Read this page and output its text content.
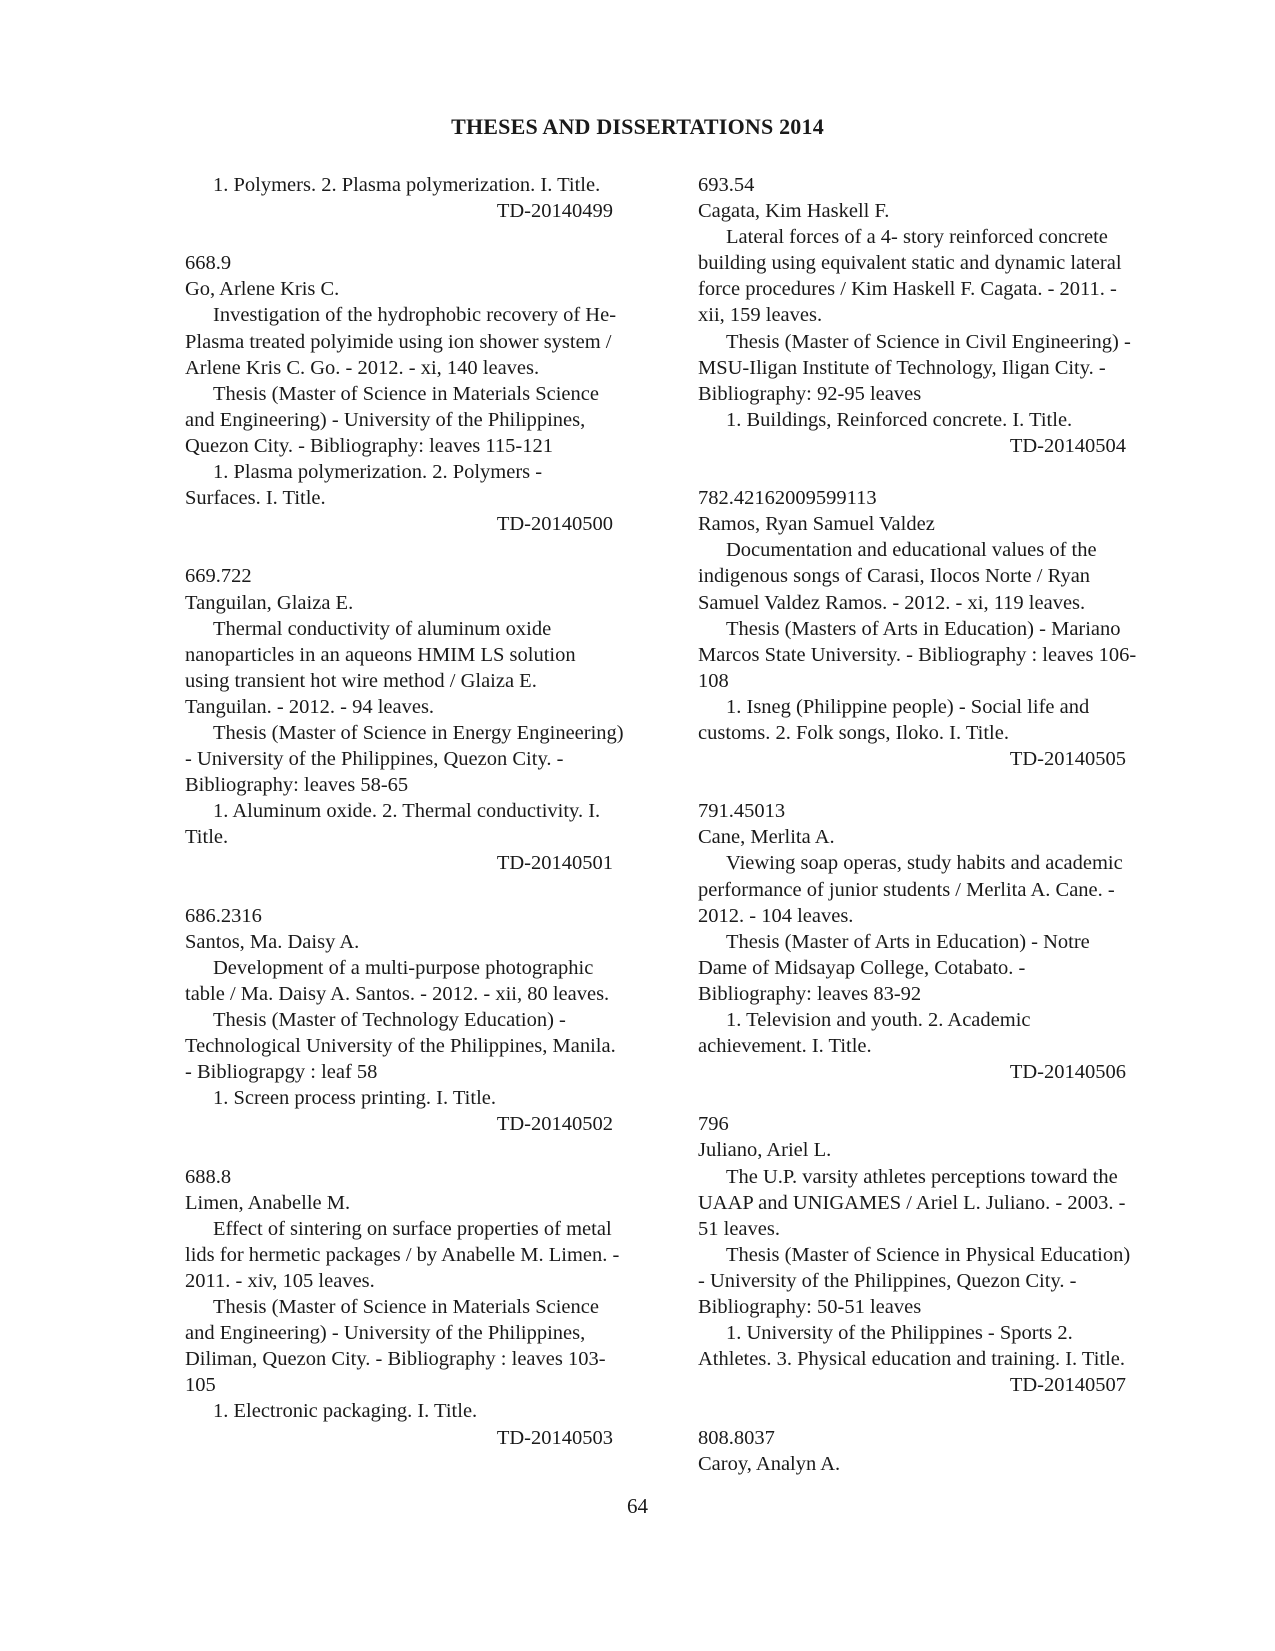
THESES AND DISSERTATIONS 2014
1. Polymers. 2. Plasma polymerization. I. Title.
TD-20140499
668.9
Go, Arlene Kris C.
Investigation of the hydrophobic recovery of He-
Plasma treated polyimide using ion shower system /
Arlene Kris C. Go. - 2012. - xi, 140 leaves.
Thesis (Master of Science in Materials Science
and Engineering) - University of the Philippines,
Quezon City. - Bibliography: leaves 115-121
1. Plasma polymerization. 2. Polymers -
Surfaces. I. Title.
TD-20140500
669.722
Tanguilan, Glaiza E.
Thermal conductivity of aluminum oxide
nanoparticles in an aqueons HMIM LS solution
using transient hot wire method / Glaiza E.
Tanguilan. - 2012. - 94 leaves.
Thesis (Master of Science in Energy Engineering)
- University of the Philippines, Quezon City. -
Bibliography: leaves 58-65
1. Aluminum oxide. 2. Thermal conductivity. I.
Title.
TD-20140501
686.2316
Santos, Ma. Daisy A.
Development of a multi-purpose photographic
table / Ma. Daisy A. Santos. - 2012. - xii, 80 leaves.
Thesis (Master of Technology Education) -
Technological University of the Philippines, Manila.
- Bibliograpgy : leaf 58
1. Screen process printing. I. Title.
TD-20140502
688.8
Limen, Anabelle M.
Effect of sintering on surface properties of metal
lids for hermetic packages / by Anabelle M. Limen. -
2011. - xiv, 105 leaves.
Thesis (Master of Science in Materials Science
and Engineering) - University of the Philippines,
Diliman, Quezon City. - Bibliography : leaves 103-
105
1. Electronic packaging. I. Title.
TD-20140503
693.54
Cagata, Kim Haskell F.
Lateral forces of a 4- story reinforced concrete
building using equivalent static and dynamic lateral
force procedures / Kim Haskell F. Cagata. - 2011. -
xii, 159 leaves.
Thesis (Master of Science in Civil Engineering) -
MSU-Iligan Institute of Technology, Iligan City. -
Bibliography: 92-95 leaves
1. Buildings, Reinforced concrete. I. Title.
TD-20140504
782.42162009599113
Ramos, Ryan Samuel Valdez
Documentation and educational values of the
indigenous songs of Carasi, Ilocos Norte / Ryan
Samuel Valdez Ramos. - 2012. - xi, 119 leaves.
Thesis (Masters of Arts in Education) - Mariano
Marcos State University. - Bibliography : leaves 106-
108
1. Isneg (Philippine people) - Social life and
customs. 2. Folk songs, Iloko. I. Title.
TD-20140505
791.45013
Cane, Merlita A.
Viewing soap operas, study habits and academic
performance of junior students / Merlita A. Cane. -
2012. - 104 leaves.
Thesis (Master of Arts in Education) - Notre
Dame of Midsayap College, Cotabato. -
Bibliography: leaves 83-92
1. Television and youth. 2. Academic
achievement. I. Title.
TD-20140506
796
Juliano, Ariel L.
The U.P. varsity athletes perceptions toward the
UAAP and UNIGAMES / Ariel L. Juliano. - 2003. -
51 leaves.
Thesis (Master of Science in Physical Education)
- University of the Philippines, Quezon City. -
Bibliography: 50-51 leaves
1. University of the Philippines - Sports 2.
Athletes. 3. Physical education and training. I. Title.
TD-20140507
808.8037
Caroy, Analyn A.
64
